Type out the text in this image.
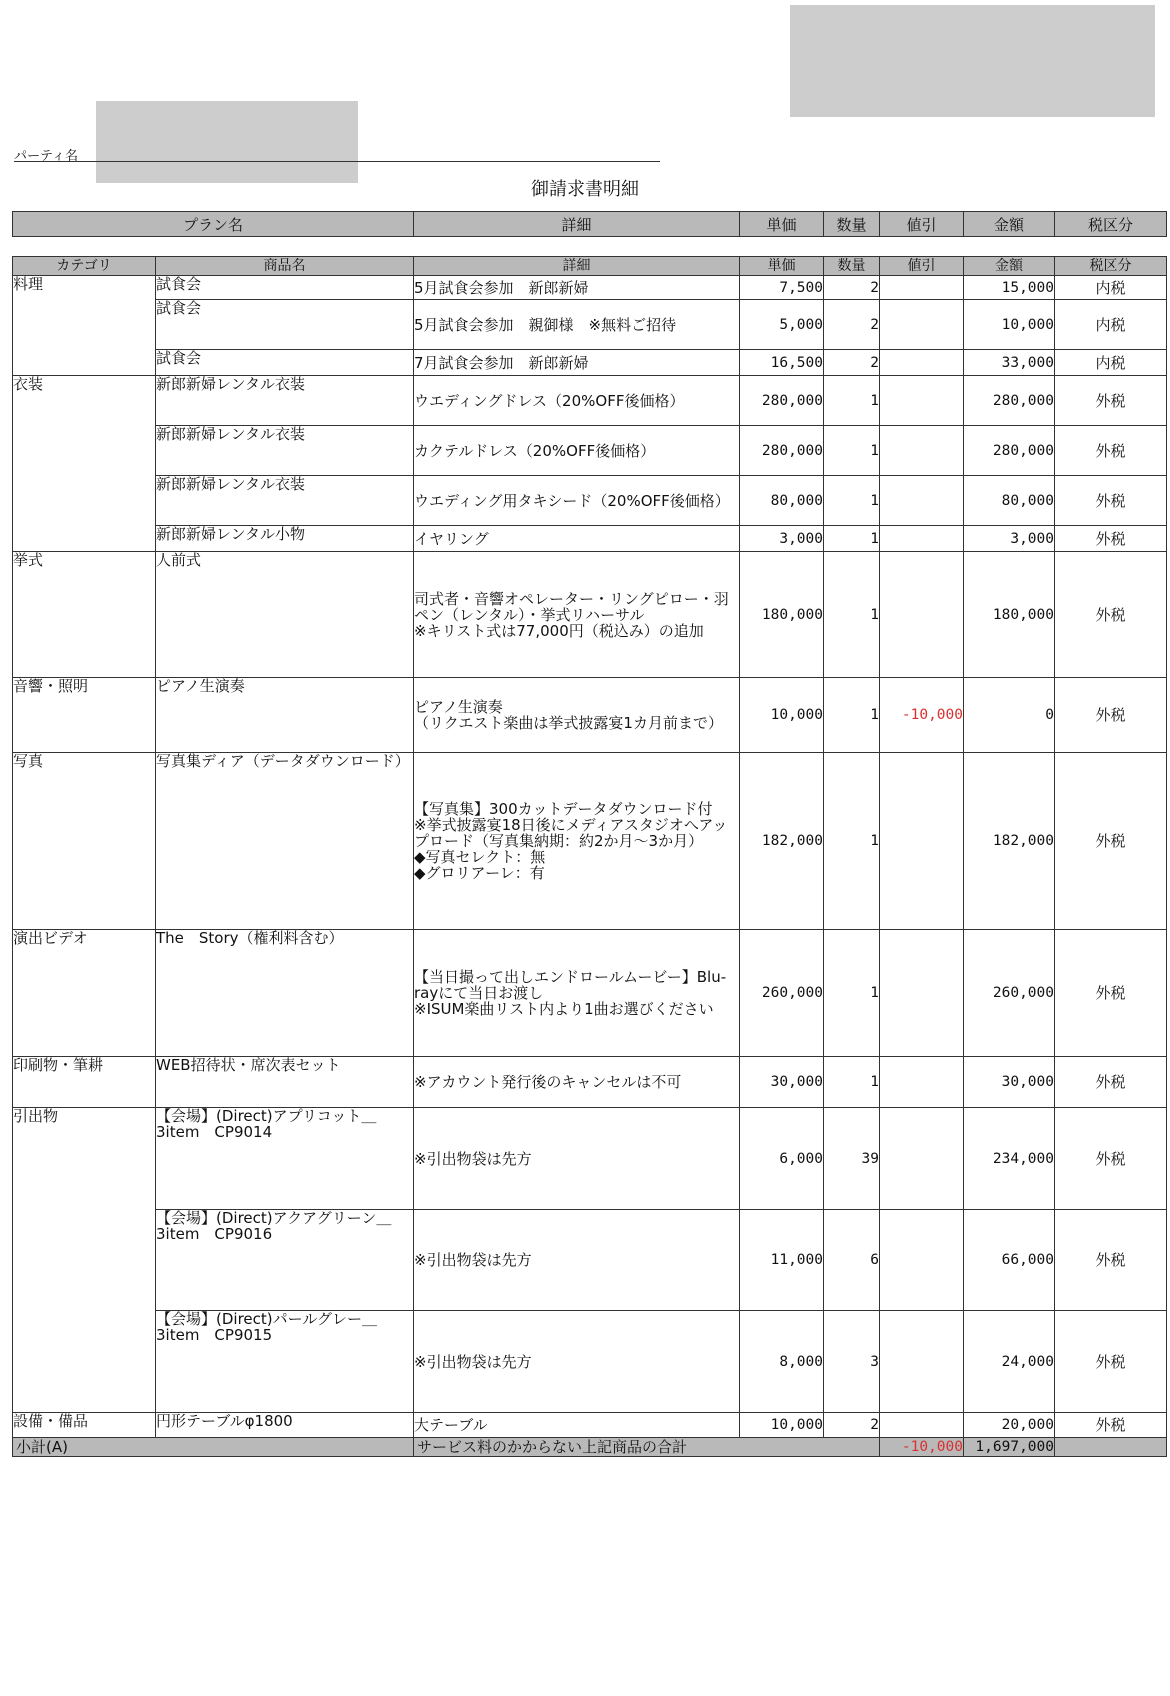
パーティ名
御請求書明細
プラン名	詳細	単価	数量	値引	金額	税区分
カテゴリ	商品名	詳細	単価	数量	値引	金額	税区分
料理	試食会	5月試食会参加　新郎新婦	7,500	2		15,000	内税
	試食会	5月試食会参加　親御様　※無料ご招待	5,000	2		10,000	内税
	試食会	7月試食会参加　新郎新婦	16,500	2		33,000	内税
衣装	新郎新婦レンタル衣装	ウエディングドレス（20%OFF後価格）	280,000	1		280,000	外税
	新郎新婦レンタル衣装	カクテルドレス（20%OFF後価格）	280,000	1		280,000	外税
	新郎新婦レンタル衣装	ウエディング用タキシード（20%OFF後価格）	80,000	1		80,000	外税
	新郎新婦レンタル小物	イヤリング	3,000	1		3,000	外税
挙式	人前式	司式者・音響オペレーター・リングピロー・羽ペン（レンタル）・挙式リハーサル
※キリスト式は77,000円（税込み）の追加	180,000	1		180,000	外税
音響・照明	ピアノ生演奏	ピアノ生演奏
（リクエスト楽曲は挙式披露宴1カ月前まで）	10,000	1	-10,000	0	外税
写真	写真集ディア（データダウンロード）	【写真集】300カットデータダウンロード付
※挙式披露宴18日後にメディアスタジオへアップロード（写真集納期：約2か月〜3か月）
◆写真セレクト：無
◆グロリアーレ：有	182,000	1		182,000	外税
演出ビデオ	The　Story（権利料含む）	【当日撮って出しエンドロールムービー】Blu-rayにて当日お渡し
※ISUM楽曲リスト内より1曲お選びください	260,000	1		260,000	外税
印刷物・筆耕	WEB招待状・席次表セット	※アカウント発行後のキャンセルは不可	30,000	1		30,000	外税
引出物	【会場】(Direct)アプリコット＿3item　CP9014	※引出物袋は先方	6,000	39		234,000	外税
	【会場】(Direct)アクアグリーン＿3item　CP9016	※引出物袋は先方	11,000	6		66,000	外税
	【会場】(Direct)パールグレー＿3item　CP9015	※引出物袋は先方	8,000	3		24,000	外税
設備・備品	円形テーブルφ1800	大テーブル	10,000	2		20,000	外税
小計(A)		サービス料のかからない上記商品の合計			-10,000	1,697,000	
